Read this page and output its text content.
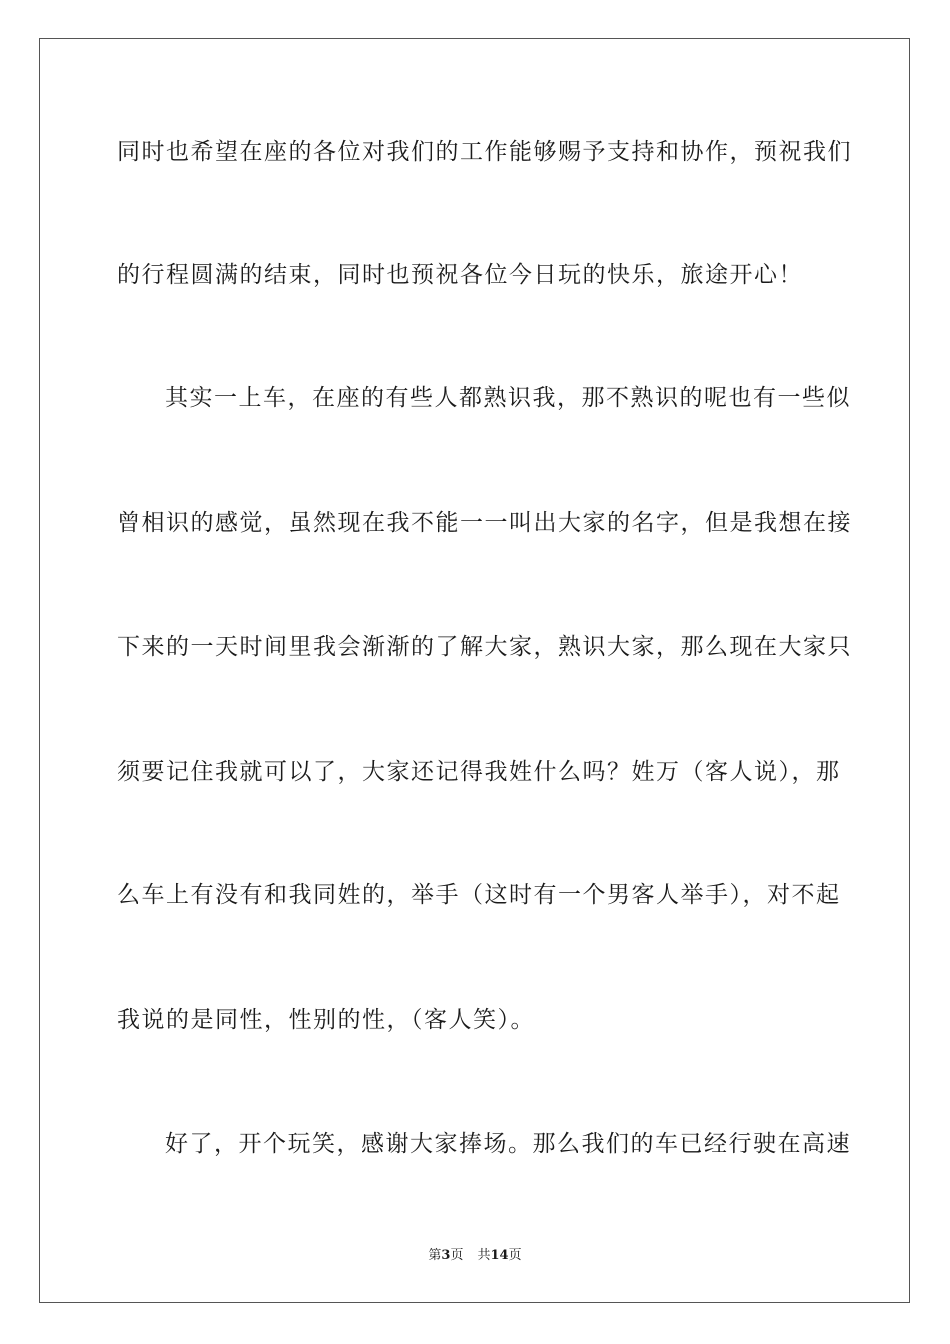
同时也希望在座的各位对我们的工作能够赐予支持和协作，预祝我们
的行程圆满的结束，同时也预祝各位今日玩的快乐，旅途开心！
其实一上车，在座的有些人都熟识我，那不熟识的呢也有一些似
曾相识的感觉，虽然现在我不能一一叫出大家的名字，但是我想在接
下来的一天时间里我会渐渐的了解大家，熟识大家，那么现在大家只
须要记住我就可以了，大家还记得我姓什么吗？姓万（客人说），那
么车上有没有和我同姓的，举手（这时有一个男客人举手），对不起
我说的是同性，性别的性，（客人笑）。
好了，开个玩笑，感谢大家捧场。那么我们的车已经行驶在高速
第3页 共14页
